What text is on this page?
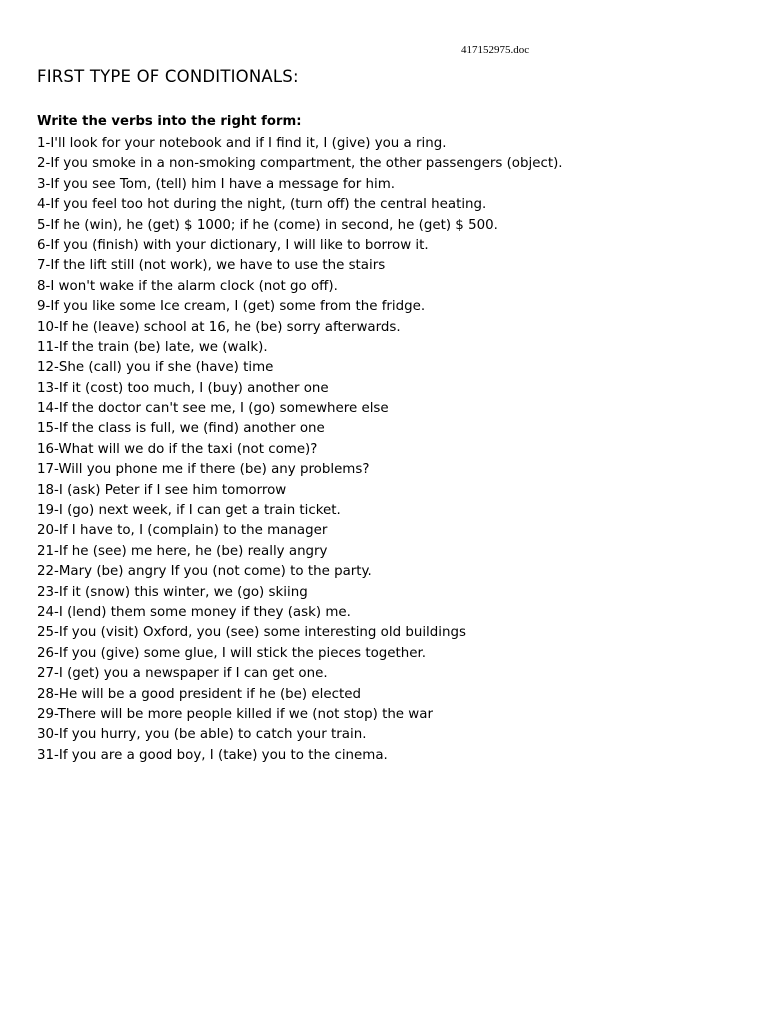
417152975.doc
FIRST TYPE OF CONDITIONALS:
Write the verbs into the right form:
1-I'll look for your notebook and if I find it, I (give) you a ring.
2-If you smoke in a non-smoking compartment, the other passengers (object).
3-If you see Tom, (tell) him I have a message for him.
4-If you feel too hot during the night, (turn off) the central heating.
5-If he (win), he (get) $ 1000; if he (come) in second, he (get) $ 500.
6-If you (finish) with your dictionary, I will like to borrow it.
7-If the lift still (not work), we have to use the stairs
8-I won't wake if the alarm clock (not go off).
9-If you like some Ice cream, I (get) some from the fridge.
10-If he (leave) school at 16, he (be) sorry afterwards.
11-If the train (be) late, we (walk).
12-She (call) you if she (have) time
13-If it (cost) too much, I (buy) another one
14-If the doctor can't see me, I (go) somewhere else
15-If the class is full, we (find) another one
16-What will we do if the taxi (not come)?
17-Will you phone me if there (be) any problems?
18-I (ask) Peter if I see him tomorrow
19-I (go) next week, if I can get a train ticket.
20-If I have to, I (complain) to the manager
21-If he (see) me here, he (be) really angry
22-Mary (be) angry If you (not come) to the party.
23-If it (snow) this winter, we (go) skiing
24-I (lend) them some money if they (ask) me.
25-If you (visit) Oxford, you (see) some interesting old buildings
26-If you (give) some glue, I will stick the pieces together.
27-I (get) you a newspaper if I can get one.
28-He will be a good president if he (be) elected
29-There will be more people killed if we (not stop) the war
30-If you hurry, you (be able) to catch your train.
31-If you are a good boy, I (take) you to the cinema.
